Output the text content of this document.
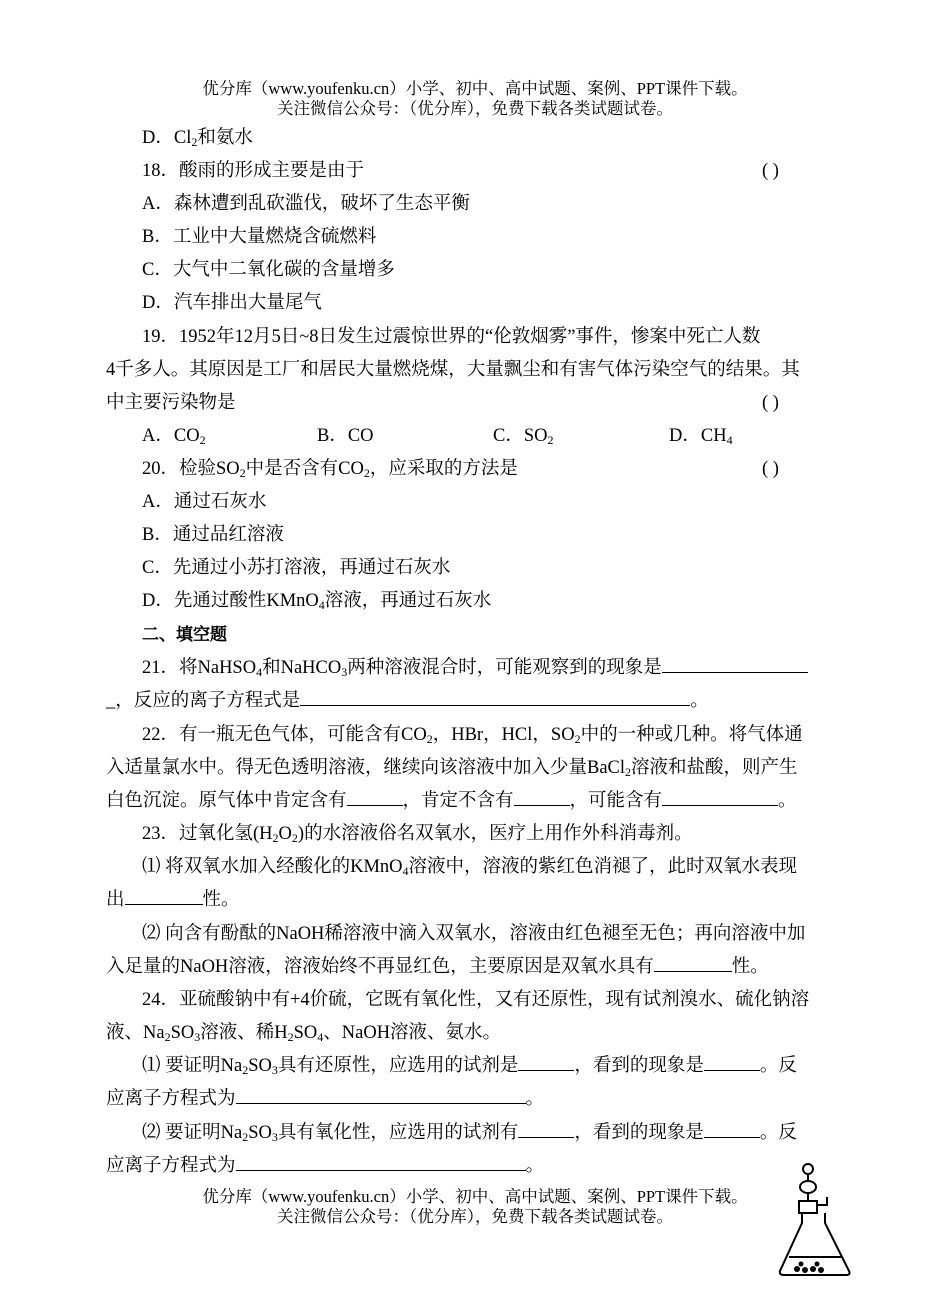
优分库（www.youfenku.cn）小学、初中、高中试题、案例、PPT课件下载。
关注微信公众号：（优分库），免费下载各类试题试卷。
D．$Cl_2$和氨水
18．酸雨的形成主要是由于	( )
A．森林遭到乱砍滥伐，破坏了生态平衡
B．工业中大量燃烧含硫燃料
C．大气中二氧化碳的含量增多
D．汽车排出大量尾气
19．1952年12月5日~8日发生过震惊世界的“伦敦烟雾”事件，惨案中死亡人数
4千多人。其原因是工厂和居民大量燃烧煤，大量飘尘和有害气体污染空气的结果。其
中主要污染物是	( )
A．$CO_2$	B．CO	C．$SO_2$	D．$CH_4$
20．检验$SO_2$中是否含有$CO_2$，应采取的方法是	( )
A．通过石灰水
B．通过品红溶液
C．先通过小苏打溶液，再通过石灰水
D．先通过酸性KMnO$_4$溶液，再通过石灰水
二、填空题
21．将NaHSO$_4$和NaHCO$_3$两种溶液混合时，可能观察到的现象是
_，反应的离子方程式是	。
22．有一瓶无色气体，可能含有$CO_2$，HBr，HCl，$SO_2$中的一种或几种。将气体通
入适量氯水中。得无色透明溶液，继续向该溶液中加入少量BaCl$_2$溶液和盐酸，则产生
白色沉淀。原气体中肯定含有	，肯定不含有	，可能含有	。
23．过氧化氢$(H_2O_2)$的水溶液俗名双氧水，医疗上用作外科消毒剂。
⑴ 将双氧水加入经酸化的KMnO$_4$溶液中，溶液的紫红色消褪了，此时双氧水表现
出	性。
⑵ 向含有酚酞的NaOH稀溶液中滴入双氧水，溶液由红色褪至无色；再向溶液中加
入足量的NaOH溶液，溶液始终不再显红色，主要原因是双氧水具有	性。
24．亚硫酸钠中有+4价硫，它既有氧化性，又有还原性，现有试剂溴水、硫化钠溶
液、$Na_2SO_3$溶液、稀$H_2SO_4$、NaOH溶液、氨水。
⑴ 要证明$Na_2SO_3$具有还原性，应选用的试剂是	，看到的现象是	。反
应离子方程式为	。
⑵ 要证明$Na_2SO_3$具有氧化性，应选用的试剂有	，看到的现象是	。反
应离子方程式为	。
优分库（www.youfenku.cn）小学、初中、高中试题、案例、PPT课件下载。
关注微信公众号：（优分库），免费下载各类试题试卷。
